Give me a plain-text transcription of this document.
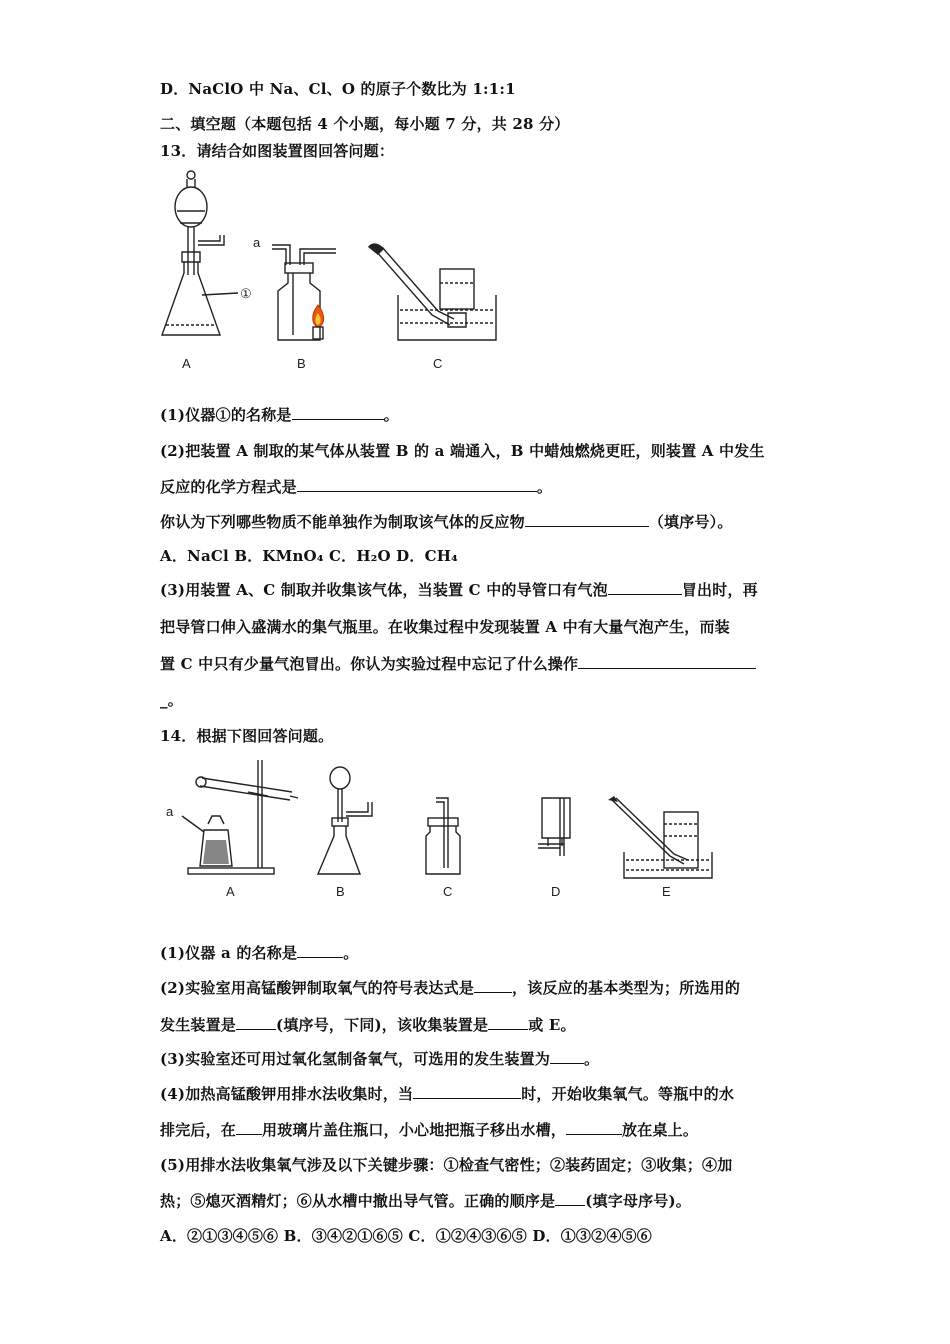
D．NaClO 中 Na、Cl、O 的原子个数比为 1:1:1
二、填空题（本题包括 4 个小题，每小题 7 分，共 28 分）
13．请结合如图装置图回答问题：
①
A
a
B	C
(1)仪器①的名称是	。
(2)把装置 A 制取的某气体从装置 B 的 a 端通入，B 中蜡烛燃烧更旺，则装置 A 中发生
反应的化学方程式是	。
你认为下列哪些物质不能单独作为制取该气体的反应物	（填序号）。
A．NaCl B．KMnO₄ C．H₂O D．CH₄
(3)用装置 A、C 制取并收集该气体，当装置 C 中的导管口有气泡	冒出时，再
把导管口伸入盛满水的集气瓶里。在收集过程中发现装置 A 中有大量气泡产生，而装
置 C 中只有少量气泡冒出。你认为实验过程中忘记了什么操作
_。
14．根据下图回答问题。
a
A	B	C	D	E
(1)仪器 a 的名称是	。
(2)实验室用高锰酸钾制取氧气的符号表达式是	，该反应的基本类型为；所选用的
发生装置是	(填序号，下同)，该收集装置是	或 E。
(3)实验室还可用过氧化氢制备氧气，可选用的发生装置为 。
(4)加热高锰酸钾用排水法收集时，当	时，开始收集氧气。等瓶中的水
排完后，在 用玻璃片盖住瓶口，小心地把瓶子移出水槽，	放在桌上。
(5)用排水法收集氧气涉及以下关键步骤：①检查气密性；②装药固定；③收集；④加
热；⑤熄灭酒精灯；⑥从水槽中撤出导气管。正确的顺序是 (填字母序号)。
A．②①③④⑤⑥ B．③④②①⑥⑤ C．①②④③⑥⑤ D．①③②④⑤⑥
